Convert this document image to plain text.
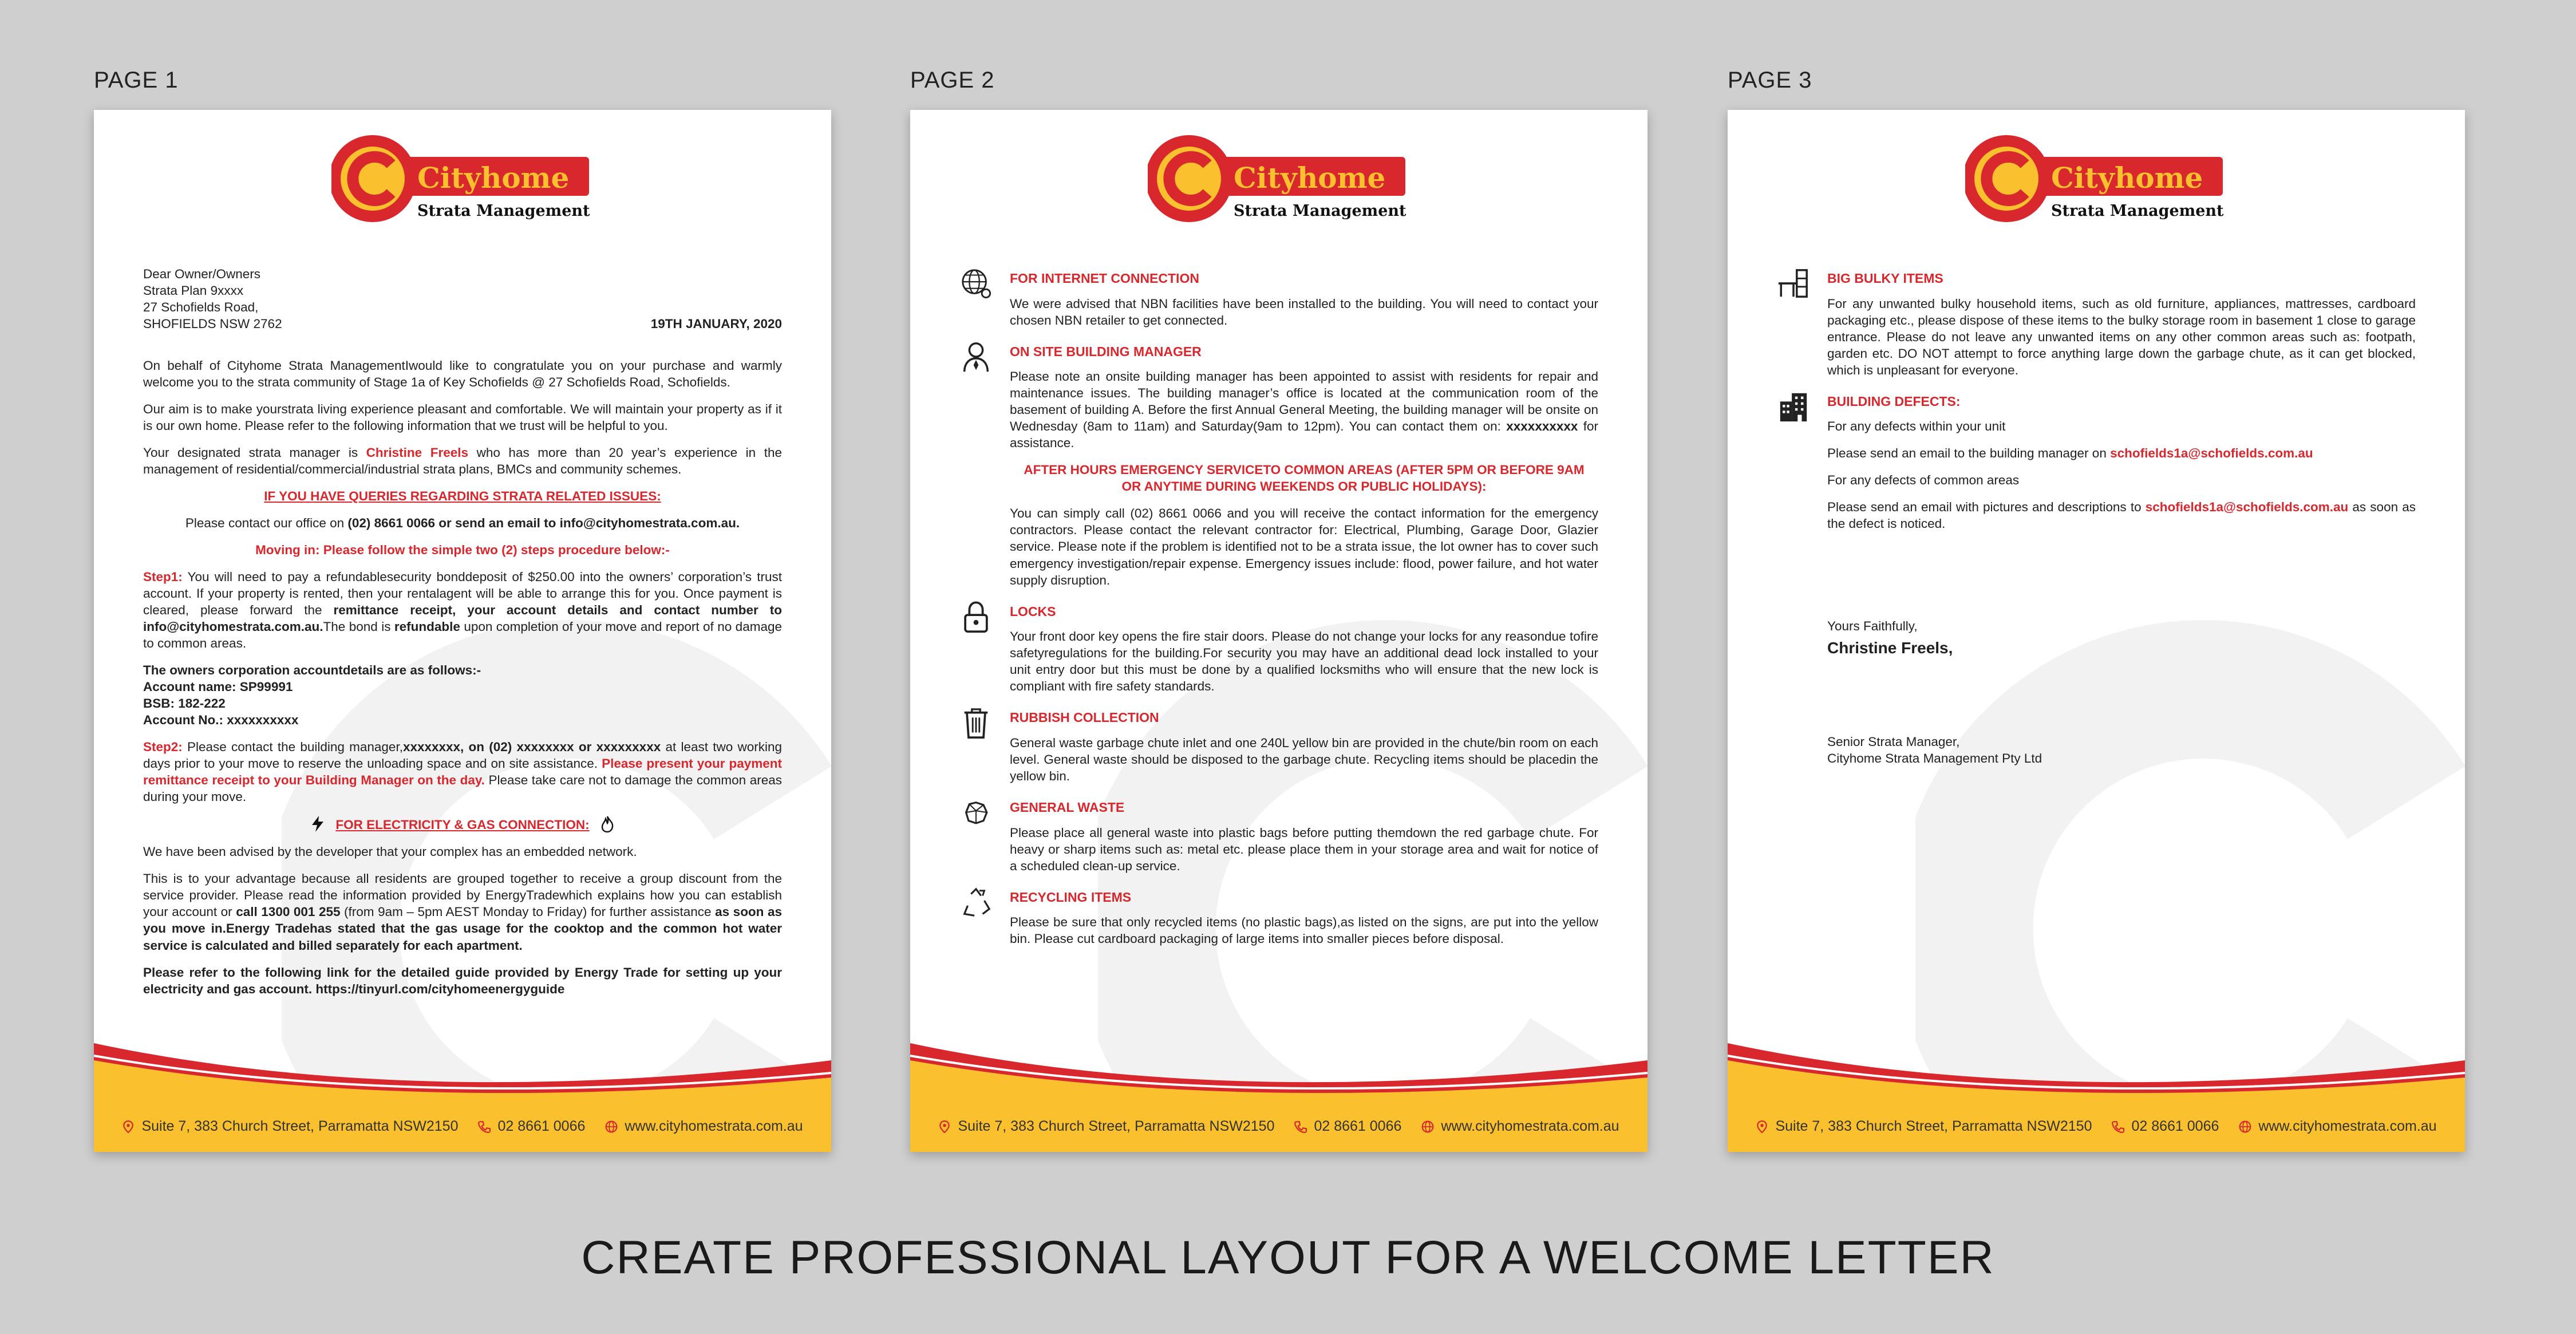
PAGE 1	PAGE 2	PAGE 3
Cityhome
Strata Management
Dear Owner/Owners
Strata Plan 9xxxx
27 Schofields Road,
SHOFIELDS NSW 2762	19TH JANUARY, 2020

On behalf of Cityhome Strata ManagementIwould like to congratulate you on your purchase and warmly welcome you to the strata community of Stage 1a of Key Schofields @ 27 Schofields Road, Schofields.

Our aim is to make yourstrata living experience pleasant and comfortable. We will maintain your property as if it is our own home. Please refer to the following information that we trust will be helpful to you.

Your designated strata manager is Christine Freels who has more than 20 year’s experience in the management of residential/commercial/industrial strata plans, BMCs and community schemes.

IF YOU HAVE QUERIES REGARDING STRATA RELATED ISSUES:

Please contact our office on (02) 8661 0066 or send an email to info@cityhomestrata.com.au.

Moving in: Please follow the simple two (2) steps procedure below:-

Step1: You will need to pay a refundablesecurity bonddeposit of $250.00 into the owners’ corporation’s trust account. If your property is rented, then your rentalagent will be able to arrange this for you. Once payment is cleared, please forward the remittance receipt, your account details and contact number to info@cityhomestrata.com.au.The bond is refundable upon completion of your move and report of no damage to common areas.

The owners corporation accountdetails are as follows:-
Account name: SP99991
BSB: 182-222
Account No.: xxxxxxxxxx

Step2: Please contact the building manager,xxxxxxxx, on (02) xxxxxxxx or xxxxxxxxx at least two working days prior to your move to reserve the unloading space and on site assistance. Please present your payment remittance receipt to your Building Manager on the day. Please take care not to damage the common areas during your move.

FOR ELECTRICITY & GAS CONNECTION:

We have been advised by the developer that your complex has an embedded network.

This is to your advantage because all residents are grouped together to receive a group discount from the service provider. Please read the information provided by EnergyTradewhich explains how you can establish your account or call 1300 001 255 (from 9am – 5pm AEST Monday to Friday) for further assistance as soon as you move in.Energy Tradehas stated that the gas usage for the cooktop and the common hot water service is calculated and billed separately for each apartment.

Please refer to the following link for the detailed guide provided by Energy Trade for setting up your electricity and gas account. https://tinyurl.com/cityhomeenergyguide

Suite 7, 383 Church Street, Parramatta NSW2150	02 8661 0066	www.cityhomestrata.com.au
Cityhome
Strata Management
FOR INTERNET CONNECTION

We were advised that NBN facilities have been installed to the building. You will need to contact your chosen NBN retailer to get connected.

ON SITE BUILDING MANAGER

Please note an onsite building manager has been appointed to assist with residents for repair and maintenance issues. The building manager’s office is located at the communication room of the basement of building A. Before the first Annual General Meeting, the building manager will be onsite on Wednesday (8am to 11am) and Saturday(9am to 12pm). You can contact them on: xxxxxxxxxx for assistance.

AFTER HOURS EMERGENCY SERVICETO COMMON AREAS (AFTER 5PM OR BEFORE 9AM OR ANYTIME DURING WEEKENDS OR PUBLIC HOLIDAYS):

You can simply call (02) 8661 0066 and you will receive the contact information for the emergency contractors. Please contact the relevant contractor for: Electrical, Plumbing, Garage Door, Glazier service. Please note if the problem is identified not to be a strata issue, the lot owner has to cover such emergency investigation/repair expense. Emergency issues include: flood, power failure, and hot water supply disruption.

LOCKS

Your front door key opens the fire stair doors. Please do not change your locks for any reasondue tofire safetyregulations for the building.For security you may have an additional dead lock installed to your unit entry door but this must be done by a qualified locksmiths who will ensure that the new lock is compliant with fire safety standards.

RUBBISH COLLECTION

General waste garbage chute inlet and one 240L yellow bin are provided in the chute/bin room on each level. General waste should be disposed to the garbage chute. Recycling items should be placedin the yellow bin.

GENERAL WASTE

Please place all general waste into plastic bags before putting themdown the red garbage chute. For heavy or sharp items such as: metal etc. please place them in your storage area and wait for notice of a scheduled clean-up service.

RECYCLING ITEMS

Please be sure that only recycled items (no plastic bags),as listed on the signs, are put into the yellow bin. Please cut cardboard packaging of large items into smaller pieces before disposal.

Suite 7, 383 Church Street, Parramatta NSW2150	02 8661 0066	www.cityhomestrata.com.au
Cityhome
Strata Management
BIG BULKY ITEMS

For any unwanted bulky household items, such as old furniture, appliances, mattresses, cardboard packaging etc., please dispose of these items to the bulky storage room in basement 1 close to garage entrance. Please do not leave any unwanted items on any other common areas such as: footpath, garden etc. DO NOT attempt to force anything large down the garbage chute, as it can get blocked, which is unpleasant for everyone.

BUILDING DEFECTS:

For any defects within your unit

Please send an email to the building manager on schofields1a@schofields.com.au

For any defects of common areas

Please send an email with pictures and descriptions to schofields1a@schofields.com.au as soon as the defect is noticed.

Yours Faithfully,
Christine Freels,
Senior Strata Manager,
Cityhome Strata Management Pty Ltd
Suite 7, 383 Church Street, Parramatta NSW2150	02 8661 0066	www.cityhomestrata.com.au
CREATE PROFESSIONAL LAYOUT FOR A WELCOME LETTER
